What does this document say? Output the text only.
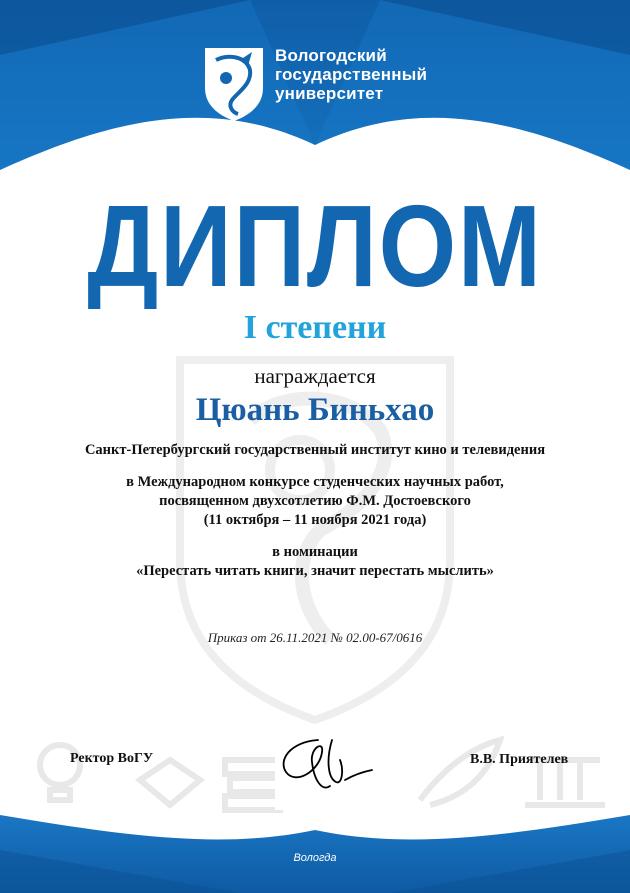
Вологодский
государственный
университет
ДИПЛОМ
I степени
награждается
Цюань Биньхао
Санкт-Петербургский государственный институт кино и телевидения
в Международном конкурсе студенческих научных работ,
посвященном двухсотлетию Ф.М. Достоевского
(11 октября – 11 ноября 2021 года)
в номинации
«Перестать читать книги, значит перестать мыслить»
Приказ от 26.11.2021 № 02.00-67/0616
Ректор ВоГУ	В.В. Приятелев
Вологда
